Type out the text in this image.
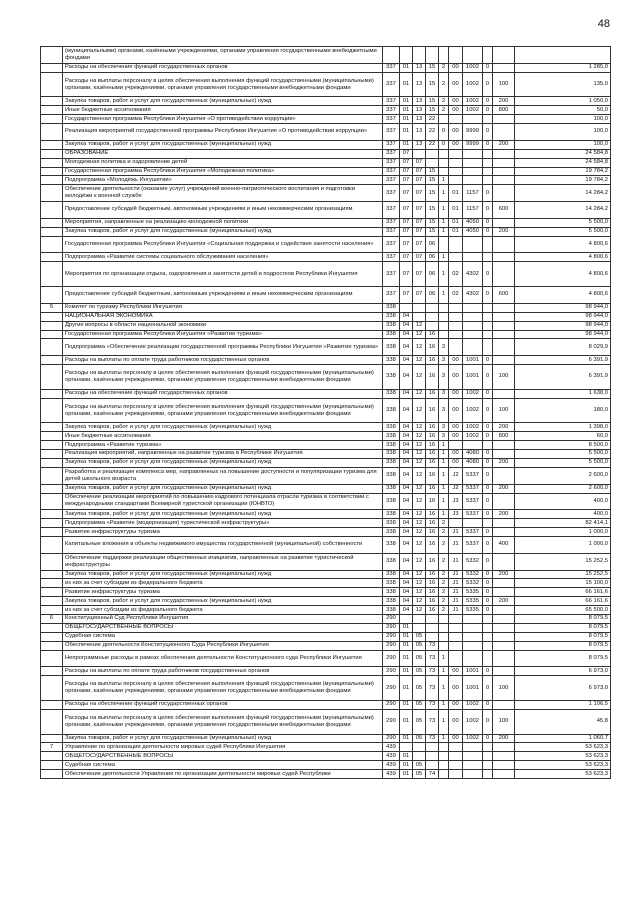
48
	(муниципальными) органами, казёнными учреждениями, органами управления государственными внебюджетными фондами										
	Расходы на обеспечение функций государственных органов	337	01	13	15	2	00	1002	0		1 285,0
	Расходы на выплаты персоналу в целях обеспечения выполнения функций государственными (муниципальными) органами, казёнными учреждениями, органами управления государственными внебюджетными фондами	337	01	13	15	2	00	1002	0	100	135,0
	Закупка товаров, работ и услуг для государственных (муниципальных) нужд	337	01	13	15	2	00	1002	0	200	1 050,0
	Иные бюджетные ассигнования	337	01	13	15	2	00	1002	0	800	50,0
	Государственная программа Республики Ингушетия «О противодействии коррупции»	337	01	13	22						100,0
	Реализация мероприятий государственной программы Республики Ингушетия «О противодействии коррупции»	337	01	13	22	0	00	9999	0		100,0
	Закупка товаров, работ и услуг для государственных (муниципальных) нужд	337	01	13	22	0	00	9999	0	200	100,0
	ОБРАЗОВАНИЕ	337	07								24 584,8
	Молодежная политика и оздоровление детей	337	07	07							24 584,8
	Государственная программа Республики Ингушетия «Молодежная политика»	337	07	07	15						19 784,2
	Подпрограмма «Молодёжь Ингушетии»	337	07	07	15	1					19 784,2
	Обеспечение деятельности (оказание услуг) учреждений военно-патриотического воспитания и подготовки молодёжи к военной службе	337	07	07	15	1	01	1157	0		14 284,2
	Предоставление субсидий бюджетным, автономным учреждениям и иным некоммерческим организациям	337	07	07	15	1	01	1157	0	600	14 284,2
	Мероприятия, направленные на реализацию молодежной политики	337	07	07	15	1	01	4050	0		5 500,0
	Закупка товаров, работ и услуг для государственных (муниципальных) нужд	337	07	07	15	1	01	4050	0	200	5 500,0
	Государственная программа Республики Ингушетия «Социальная поддержка и содействие занятости населения»	337	07	07	06						4 800,6
	Подпрограмма «Развитие системы социального обслуживания населения»	337	07	07	06	1					4 800,6
	Мероприятия по организации отдыха, оздоровления и занятости детей и подростков Республики Ингушетия	337	07	07	06	1	02	4302	0		4 800,6
	Предоставление субсидий бюджетным, автономным учреждениям и иным некоммерческим организациям	337	07	07	06	1	02	4302	0	600	4 800,6
5	Комитет по туризму Республики Ингушетия	338									98 944,0
	НАЦИОНАЛЬНАЯ ЭКОНОМИКА	338	04								98 944,0
	Другие вопросы в области национальной экономики	338	04	12							98 944,0
	Государственная программа Республики Ингушетия «Развитие туризма»	338	04	12	16						98 944,0
	Подпрограмма «Обеспечение реализации государственной программы Республики Ингушетия «Развитие туризма»	338	04	12	16	3					8 029,9
	Расходы на выплаты по оплате труда работников государственных органов	338	04	12	16	3	00	1001	0		6 391,9
	Расходы на выплаты персоналу в целях обеспечения выполнения функций государственными (муниципальными) органами, казёнными учреждениями, органами управления государственными внебюджетными фондами	338	04	12	16	3	00	1001	0	100	6 391,9
	Расходы на обеспечение функций государственных органов	338	04	12	16	3	00	1002	0		1 638,0
	Расходы на выплаты персоналу в целях обеспечения выполнения функций государственными (муниципальными) органами, казёнными учреждениями, органами управления государственными внебюджетными фондами	338	04	12	16	3	00	1002	0	100	180,0
	Закупка товаров, работ и услуг для государственных (муниципальных) нужд	338	04	12	16	3	00	1002	0	200	1 398,0
	Иные бюджетные ассигнования	338	04	12	16	3	00	1002	0	800	60,0
	Подпрограмма «Развитие туризма»	338	04	12	16	1					8 500,0
	Реализация мероприятий, направленных на развитие туризма в Республике Ингушетия	338	04	12	16	1	00	4080	0		5 500,0
	Закупка товаров, работ и услуг для государственных (муниципальных) нужд	338	04	12	16	1	00	4080	0	200	5 500,0
	Разработка и реализация комплекса мер, направленных на повышение доступности и популяризации туризма для детей школьного возраста	338	04	12	16	1	J2	5337	0		2 600,0
	Закупка товаров, работ и услуг для государственных (муниципальных) нужд	338	04	12	16	1	J2	5337	0	200	2 600,0
	Обеспечение реализации мероприятий по повышению кадрового потенциала отрасли туризма в соответствии с международными стандартами Всемирной туристской организации (ЮНВТО)	338	04	12	16	1	J3	5337	0		400,0
	Закупка товаров, работ и услуг для государственных (муниципальных) нужд	338	04	12	16	1	J3	5337	0	200	400,0
	Подпрограмма «Развитие (модернизация) туристической инфраструктуры»	338	04	12	16	2					82 414,1
	Развитие инфраструктуры туризма	338	04	12	16	2	J1	5337	0		1 000,0
	Капитальные вложения в объекты недвижимого имущества государственной (муниципальной) собственности	338	04	12	16	2	J1	5337	0	400	1 000,0
	Обеспечение поддержки реализации общественных инициатив, направленных на развитие туристической инфраструктуры	338	04	12	16	2	J1	5332	0		15 252,5
	Закупка товаров, работ и услуг для государственных (муниципальных) нужд	338	04	12	16	2	J1	5332	0	200	15 252,5
	из них за счет субсидии из федерального бюджета	338	04	12	16	2	J1	5332	0		15 100,0
	Развитие инфраструктуры туризма	338	04	12	16	2	J1	5335	0		66 161,6
	Закупка товаров, работ и услуг для государственных (муниципальных) нужд	338	04	12	16	2	J1	5335	0	200	66 161,6
	из них за счет субсидии из федерального бюджета	338	04	12	16	2	J1	5335	0		65 500,0
6	Конституционный Суд Республики Ингушетия	290									8 079,5
	ОБЩЕГОСУДАРСТВЕННЫЕ ВОПРОСЫ	290	01								8 079,5
	Судебная система	290	01	05							8 079,5
	Обеспечение деятельности Конституционного Суда Республики Ингушетия	290	01	05	73						8 079,5
	Непрограммные расходы в рамках обеспечения деятельности Конституционного суда Республики Ингушетия	290	01	05	73	1					8 079,5
	Расходы на выплаты по оплате труда работников государственных органов	290	01	05	73	1	00	1001	0		6 973,0
	Расходы на выплаты персоналу в целях обеспечения выполнения функций государственными (муниципальными) органами, казёнными учреждениями, органами управления государственными внебюджетными фондами	290	01	05	73	1	00	1001	0	100	6 973,0
	Расходы на обеспечение функций государственных органов	290	01	05	73	1	00	1002	0		1 106,5
	Расходы на выплаты персоналу в целях обеспечения выполнения функций государственными (муниципальными) органами, казёнными учреждениями, органами управления государственными внебюджетными фондами	290	01	05	73	1	00	1002	0	100	45,8
	Закупка товаров, работ и услуг для государственных (муниципальных) нужд	290	01	05	73	1	00	1002	0	200	1 060,7
7	Управление по организации деятельности мировых судей Республики Ингушетия	439									53 623,3
	ОБЩЕГОСУДАРСТВЕННЫЕ ВОПРОСЫ	439	01								53 623,3
	Судебная система	439	01	05							53 623,3
	Обеспечение деятельности Управления по организации деятельности мировых судей Республики	439	01	05	74						53 623,3
